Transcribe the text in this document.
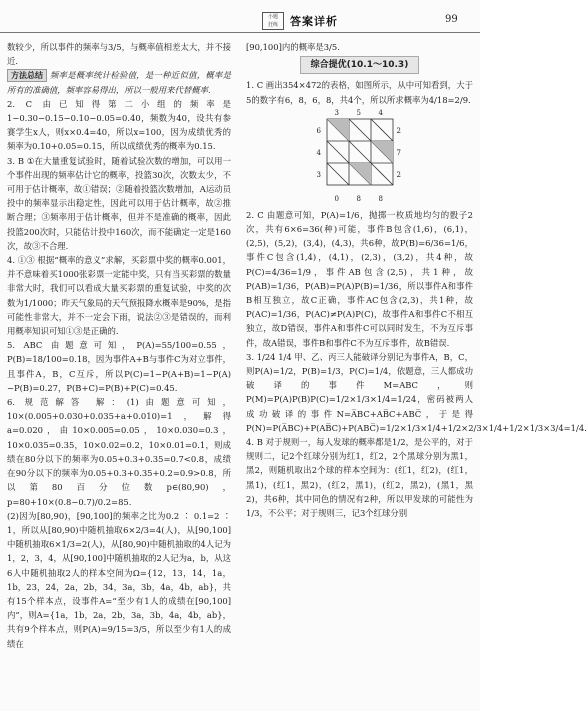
小题
狂练	答案详析	99

数较少，所以事件的频率与3/5，与概率值相差太大，并不接近.

方法总结 频率是概率统计检验值，是一种近似值，概率是所有的准确值，频率容易得出，所以一般用来代替概率.

2. C 由已知得第二小组的频率是1−0.30−0.15−0.10−0.05=0.40，频数为40，设共有参赛学生x人，则x×0.4=40，所以x=100，因为成绩优秀的频率为0.10+0.05=0.15，所以成绩优秀的概率为0.15.

3. B ①在大量重复试验时，随着试验次数的增加，可以用一个事件出现的频率估计它的概率，投篮30次，次数太少，不可用于估计概率，故①错误；②随着投篮次数增加，A运动员投中的频率显示出稳定性，因此可以用于估计概率，故②推断合理；③频率用于估计概率，但并不是准确的概率，因此投篮200次时，只能估计投中160次，而不能确定一定是160次，故③不合理.

4. ①③ 根据“概率的意义”求解，买彩票中奖的概率0.001，并不意味着买1000张彩票一定能中奖，只有当买彩票的数量非常大时，我们可以看成大量买彩票的重复试验，中奖的次数为1/1000；昨天气象局的天气预报降水概率是90%，是指可能性非常大，并不一定会下雨，说法②③是错误的，而利用概率知识可知①③是正确的.

5. ABC 由题意可知，P(A)=55/100=0.55，P(B)=18/100=0.18，因为事件A+B与事件C为对立事件，且事件A，B，C互斥，所以P(C)=1−P(A+B)=1−P(A)−P(B)=0.27，P(B+C)=P(B)+P(C)=0.45.

6. 规范解答 解：(1)由题意可知，10×(0.005+0.030+0.035+a+0.010)=1，解得a=0.020，由10×0.005=0.05，10×0.030=0.3，10×0.035=0.35，10×0.02=0.2，10×0.01=0.1，则成绩在80分以下的频率为0.05+0.3+0.35=0.7<0.8，成绩在90分以下的频率为0.05+0.3+0.35+0.2=0.9>0.8，所以第80百分位数p∈(80,90)，p=80+10×(0.8−0.7)/0.2=85.

(2)因为[80,90)，[90,100]的频率之比为0.2 ∶ 0.1=2 ∶ 1，所以从[80,90)中随机抽取6×2/3=4(人)，从[90,100]中随机抽取6×1/3=2(人)，从[80,90)中随机抽取的4人记为1，2，3，4，从[90,100]中随机抽取的2人记为a，b，从这6人中随机抽取2人的样本空间为Ω={12，13，14，1a，1b，23，24，2a，2b，34，3a，3b，4a，4b，ab}，共有15个样本点，设事件A=“至少有1人的成绩在[90,100]内”，则A={1a，1b，2a，2b，3a，3b，4a，4b，ab}，共有9个样本点，则P(A)=9/15=3/5，所以至少有1人的成绩在

[90,100]内的概率是3/5.

综合提优(10.1～10.3)

1. C 画出354×472的表格，如图所示，从中可知看到，大于5的数字有6，8，6，8，共4个，所以所求概率为4/18=2/9.

3	5	4
6
4
3
2
7
2
0	8	8

2. C 由题意可知，P(A)=1/6，抛掷一枚质地均匀的骰子2次，共有6×6=36(种)可能，事件B包含(1,6)，(6,1)，(2,5)，(5,2)，(3,4)，(4,3)，共6种，故P(B)=6/36=1/6，事件C包含(1,4)，(4,1)，(2,3)，(3,2)，共4种，故P(C)=4/36=1/9，事件AB包含(2,5)，共1种，故P(AB)=1/36，P(AB)=P(A)P(B)=1/36，所以事件A和事件B相互独立，故C正确，事件AC包含(2,3)，共1种，故P(AC)=1/36，P(AC)≠P(A)P(C)，故事件A和事件C不相互独立，故D错误，事件A和事件C可以同时发生，不为互斥事件，故A错误，事件B和事件C不为互斥事件，故B错误.

3. 1/24 1/4 甲、乙、丙三人能破译分别记为事件A，B，C，则P(A)=1/2，P(B)=1/3，P(C)=1/4，依题意，三人都成功破译的事件M=ABC，则P(M)=P(A)P(B)P(C)=1/2×1/3×1/4=1/24，密码被两人成功破译的事件N=A̅BC+AB̅C+ABC̅，于是得P(N)=P(A̅BC)+P(AB̅C)+P(ABC̅)=1/2×1/3×1/4+1/2×2/3×1/4+1/2×1/3×3/4=1/4.

4. B 对于规则一，每人发球的概率都是1/2，是公平的，对于规则二，记2个红球分别为红1，红2，2个黑球分别为黑1，黑2，则随机取出2个球的样本空间为：(红1，红2)，(红1，黑1)，(红1，黑2)，(红2，黑1)，(红2，黑2)，(黑1，黑2)，共6种，其中同色的情况有2种，所以甲发球的可能性为1/3，不公平；对于规则三，记3个红球分别
